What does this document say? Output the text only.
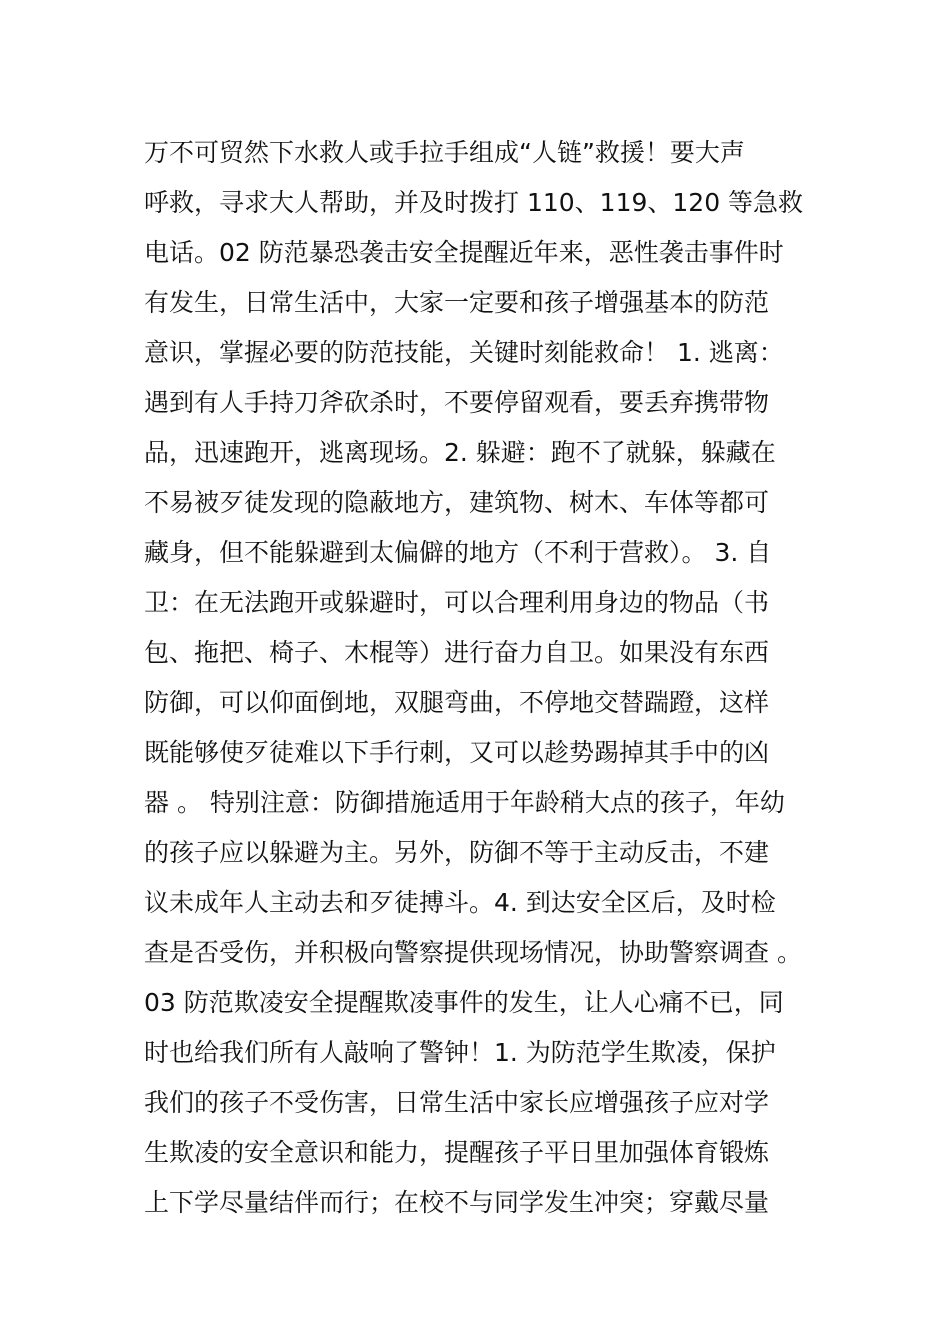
万不可贸然下水救人或手拉手组成“人链”救援！要大声
呼救，寻求大人帮助，并及时拨打 110、119、120 等急救
电话。02 防范暴恐袭击安全提醒近年来，恶性袭击事件时
有发生，日常生活中，大家一定要和孩子增强基本的防范
意识，掌握必要的防范技能，关键时刻能救命！ 1. 逃离：
遇到有人手持刀斧砍杀时，不要停留观看，要丢弃携带物
品，迅速跑开，逃离现场。2. 躲避：跑不了就躲，躲藏在
不易被歹徒发现的隐蔽地方，建筑物、树木、车体等都可
藏身，但不能躲避到太偏僻的地方（不利于营救）。 3. 自
卫：在无法跑开或躲避时，可以合理利用身边的物品（书
包、拖把、椅子、木棍等）进行奋力自卫。如果没有东西
防御，可以仰面倒地，双腿弯曲，不停地交替踹蹬，这样
既能够使歹徒难以下手行刺，又可以趁势踢掉其手中的凶
器 。 特别注意：防御措施适用于年龄稍大点的孩子，年幼
的孩子应以躲避为主。另外，防御不等于主动反击，不建
议未成年人主动去和歹徒搏斗。4. 到达安全区后，及时检
查是否受伤，并积极向警察提供现场情况，协助警察调查 。
03 防范欺凌安全提醒欺凌事件的发生，让人心痛不已，同
时也给我们所有人敲响了警钟！1. 为防范学生欺凌，保护
我们的孩子不受伤害，日常生活中家长应增强孩子应对学
生欺凌的安全意识和能力，提醒孩子平日里加强体育锻炼
上下学尽量结伴而行；在校不与同学发生冲突；穿戴尽量
